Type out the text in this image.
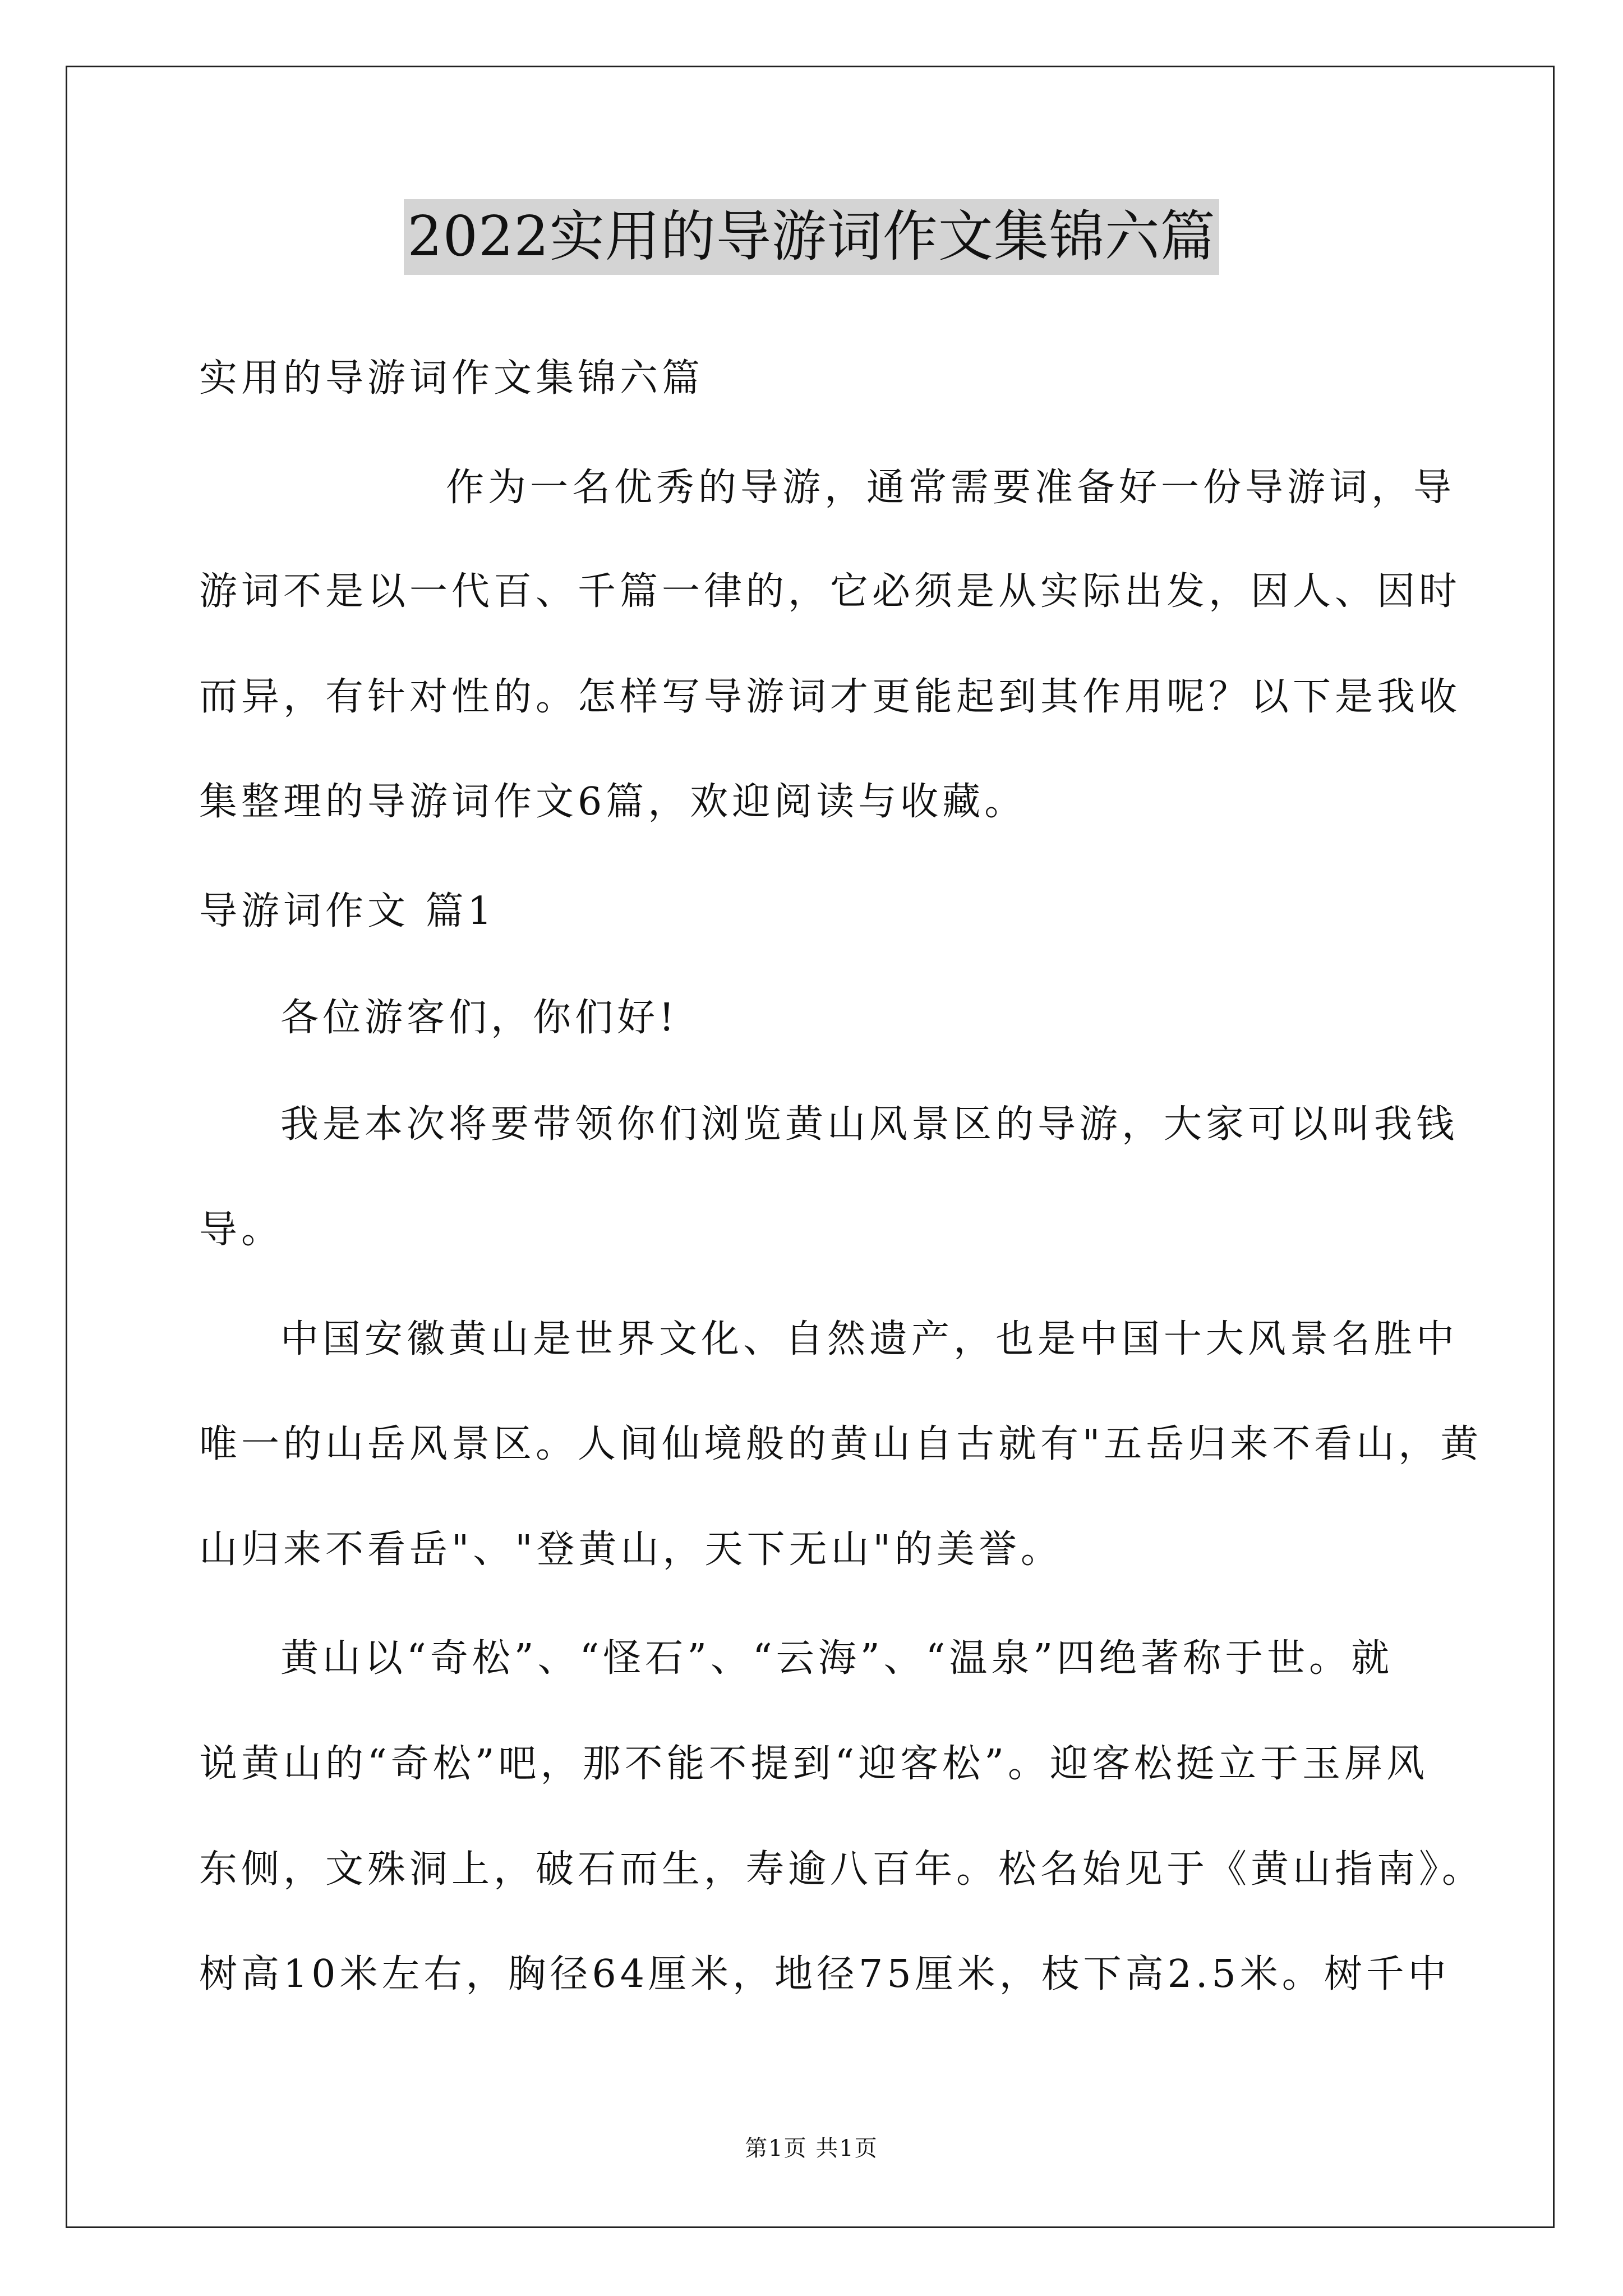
2022实用的导游词作文集锦六篇
实用的导游词作文集锦六篇
作为一名优秀的导游，通常需要准备好一份导游词，导
游词不是以一代百、千篇一律的，它必须是从实际出发，因人、因时
而异，有针对性的。怎样写导游词才更能起到其作用呢？以下是我收
集整理的导游词作文6篇，欢迎阅读与收藏。
导游词作文 篇1
各位游客们，你们好!
我是本次将要带领你们浏览黄山风景区的导游，大家可以叫我钱
导。
中国安徽黄山是世界文化、自然遗产，也是中国十大风景名胜中
唯一的山岳风景区。人间仙境般的黄山自古就有"五岳归来不看山，黄
山归来不看岳"、"登黄山，天下无山"的美誉。
黄山以“奇松”、“怪石”、“云海”、“温泉”四绝著称于世。就
说黄山的“奇松”吧，那不能不提到“迎客松”。迎客松挺立于玉屏风
东侧，文殊洞上，破石而生，寿逾八百年。松名始见于《黄山指南》。
树高10米左右，胸径64厘米，地径75厘米，枝下高2.5米。树千中
第1页 共1页
